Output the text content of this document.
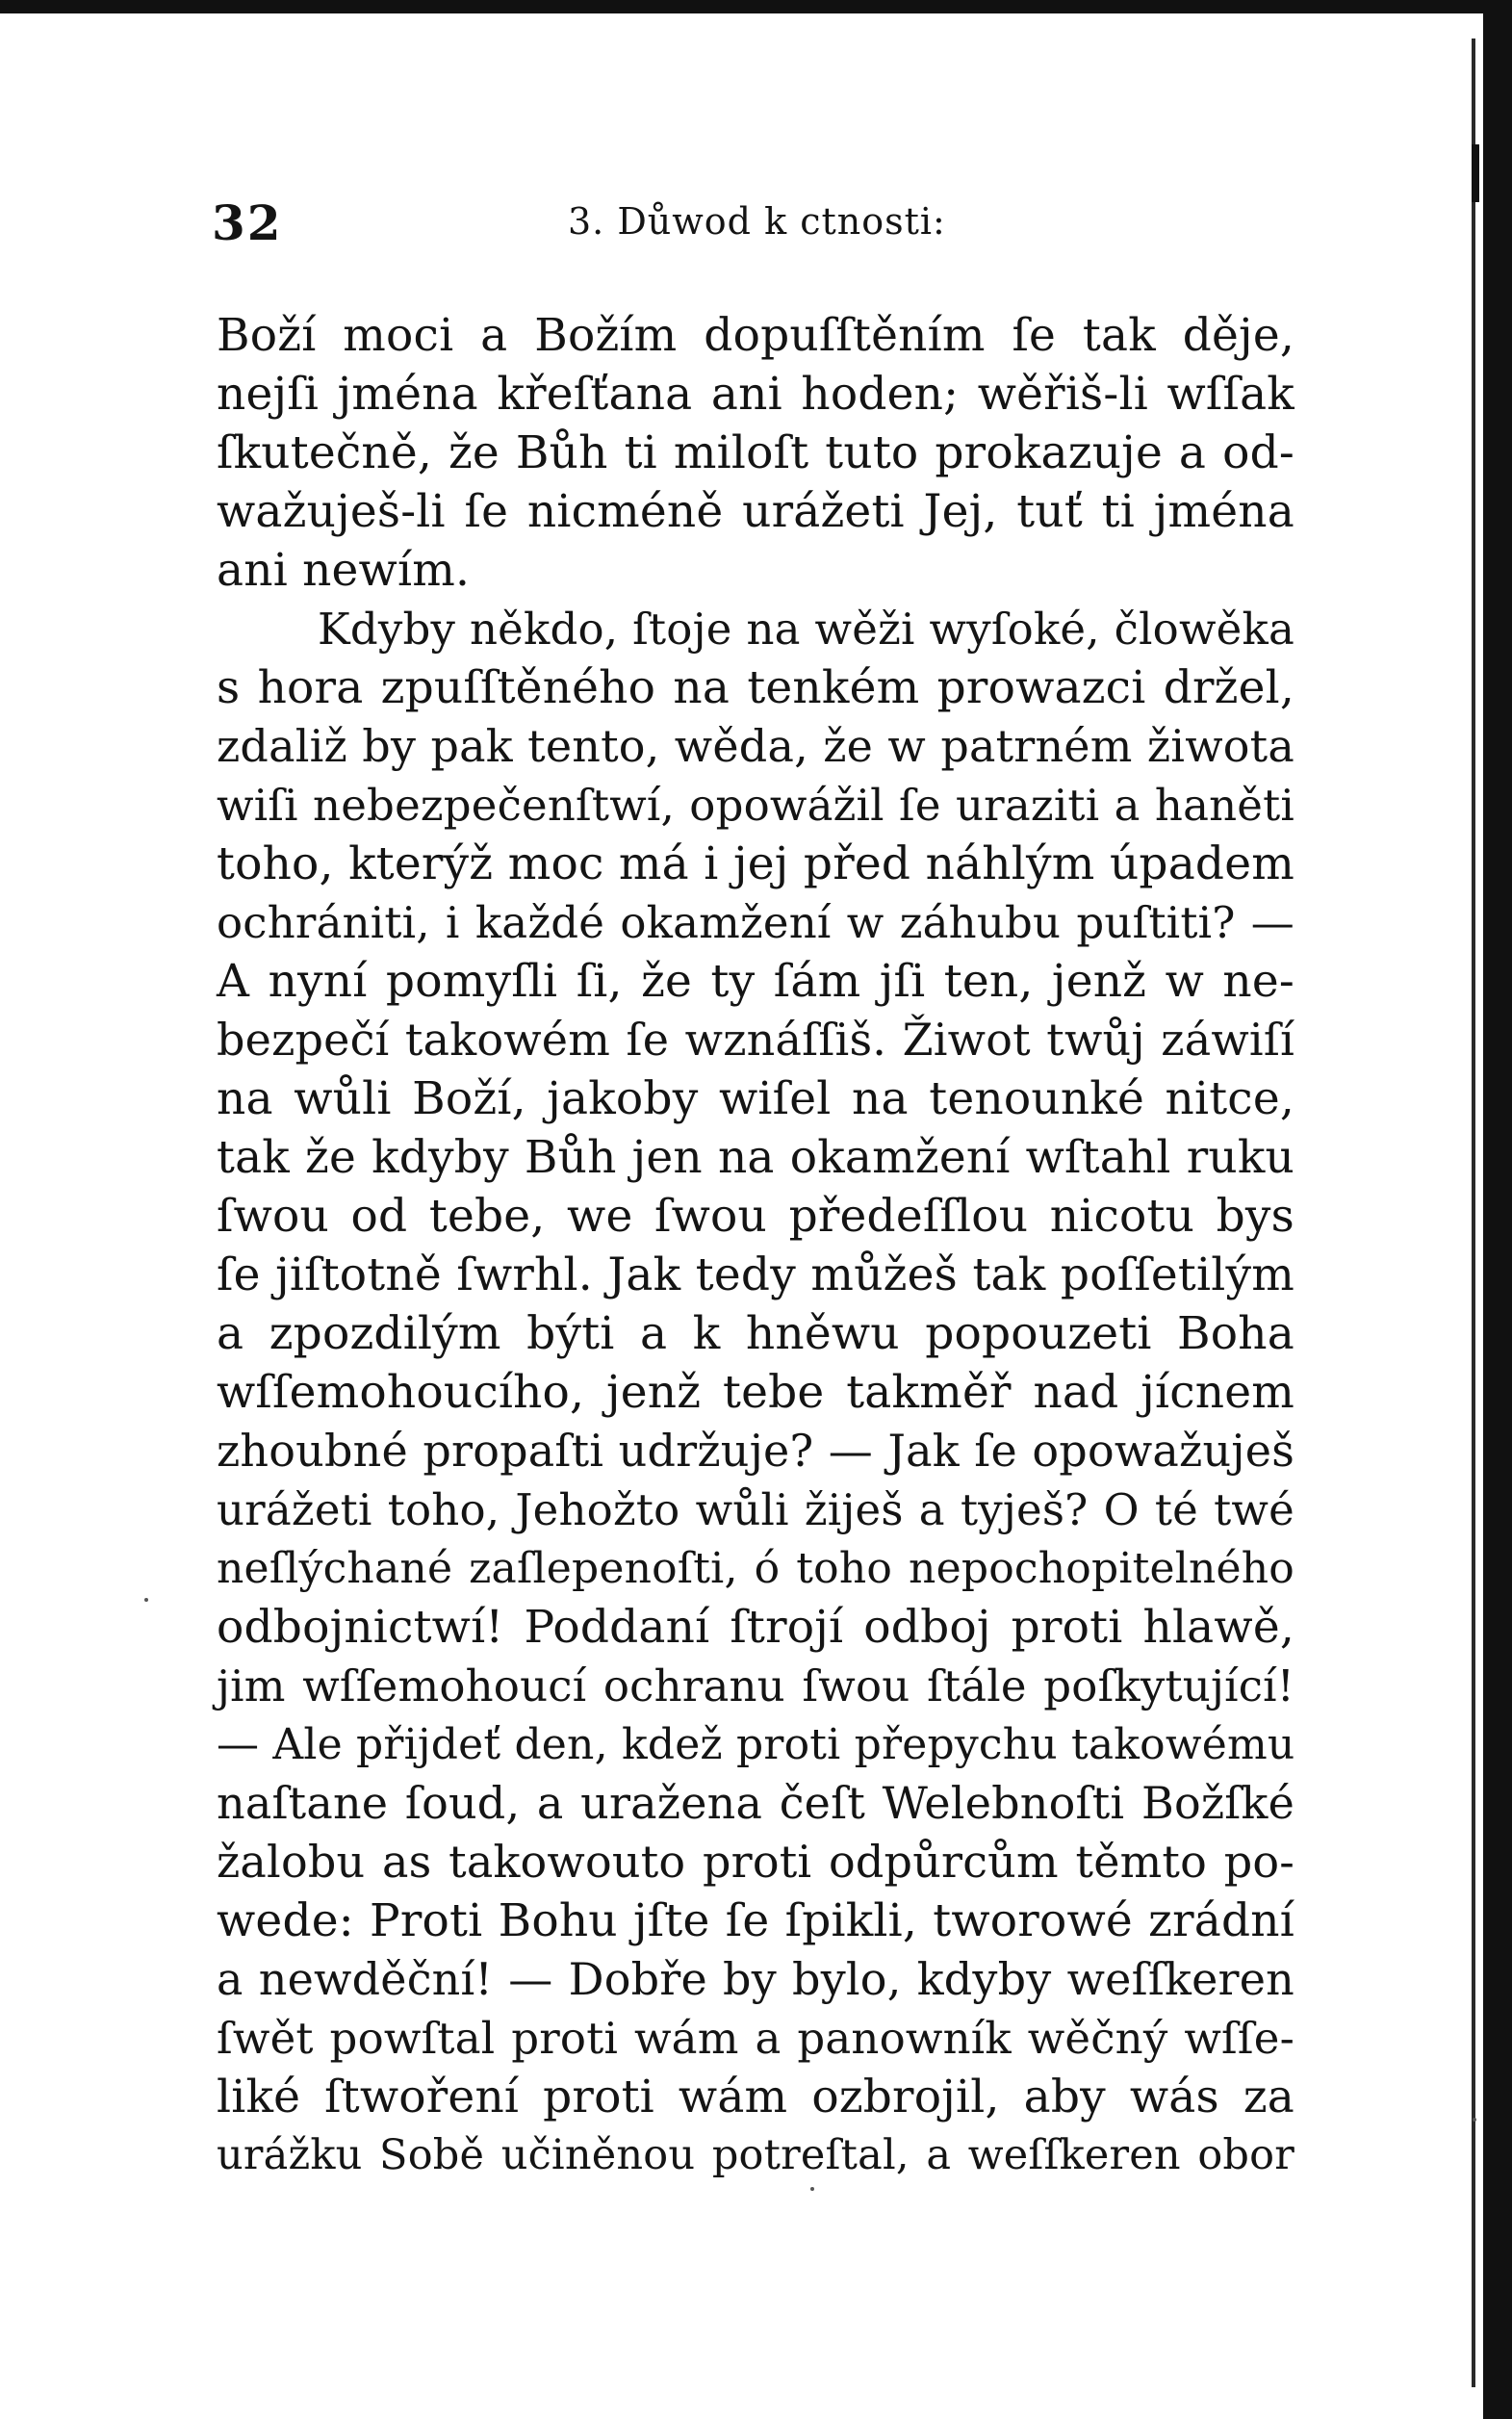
32	3. Důwod k ctnosti:
Boží moci a Božím dopuſſtěním ſe tak děje,
nejſi jména křeſťana ani hoden; wěřiš-li wſſak
ſkutečně, že Bůh ti miloſt tuto prokazuje a od-
wažuješ-li ſe nicméně urážeti Jej, tuť ti jména
ani newím.
Kdyby někdo, ſtoje na wěži wyſoké, člowěka
s hora zpuſſtěného na tenkém prowazci držel,
zdaliž by pak tento, wěda, že w patrném žiwota
wiſi nebezpečenſtwí, opowážil ſe uraziti a haněti
toho, kterýž moc má i jej před náhlým úpadem
ochrániti, i každé okamžení w záhubu puſtiti? —
A nyní pomyſli ſi, že ty ſám jſi ten, jenž w ne-
bezpečí takowém ſe wznáſſiš. Žiwot twůj záwiſí
na wůli Boží, jakoby wiſel na tenounké nitce,
tak že kdyby Bůh jen na okamžení wſtahl ruku
ſwou od tebe, we ſwou předeſſlou nicotu bys
ſe jiſtotně ſwrhl. Jak tedy můžeš tak poſſetilým
a zpozdilým býti a k hněwu popouzeti Boha
wſſemohoucího, jenž tebe takměř nad jícnem
zhoubné propaſti udržuje? — Jak ſe opowažuješ
urážeti toho, Jehožto wůli žiješ a tyješ? O té twé
neſlýchané zaſlepenoſti, ó toho nepochopitelného
odbojnictwí! Poddaní ſtrojí odboj proti hlawě,
jim wſſemohoucí ochranu ſwou ſtále poſkytující!
— Ale přijdeť den, kdež proti přepychu takowému
naſtane ſoud, a uražena čeſt Welebnoſti Božſké
žalobu as takowouto proti odpůrcům těmto po-
wede: Proti Bohu jſte ſe ſpikli, tworowé zrádní
a newděční! — Dobře by bylo, kdyby weſſkeren
ſwět powſtal proti wám a panowník wěčný wſſe-
liké ſtwoření proti wám ozbrojil, aby wás za
urážku Sobě učiněnou potreſtal, a weſſkeren obor
